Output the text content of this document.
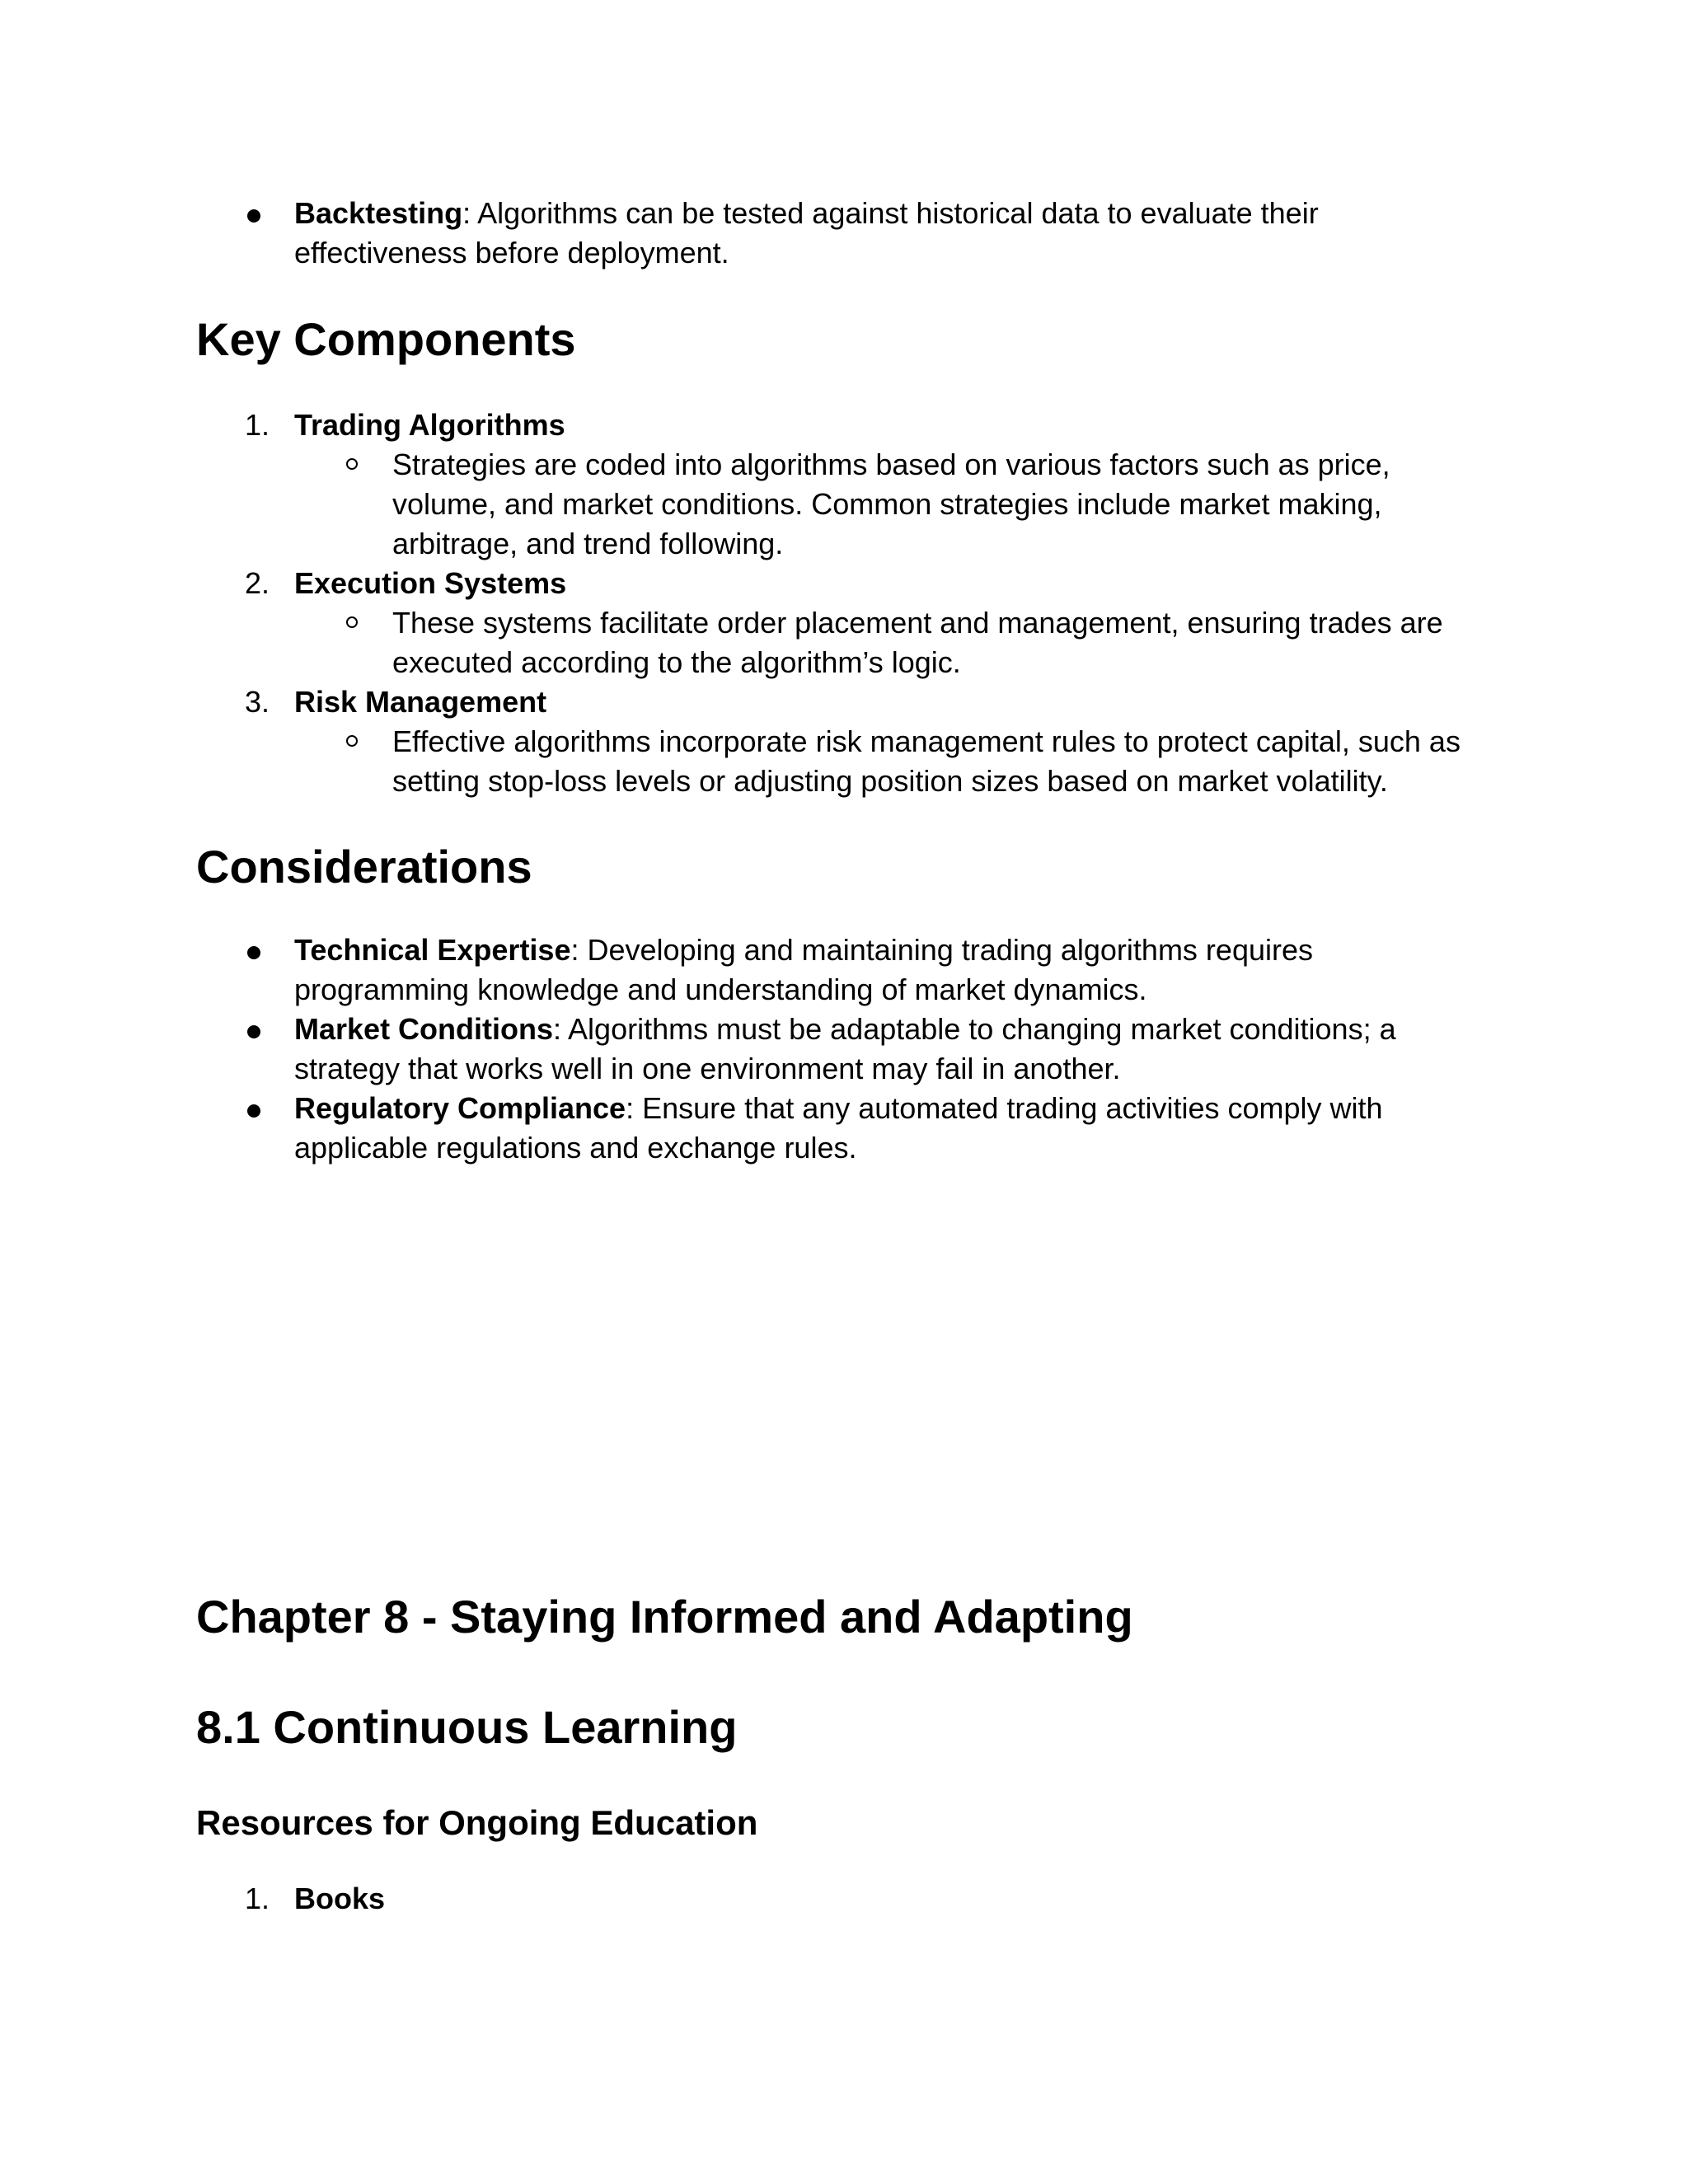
Backtesting: Algorithms can be tested against historical data to evaluate their
effectiveness before deployment.
Key Components
1. Trading Algorithms
Strategies are coded into algorithms based on various factors such as price,
volume, and market conditions. Common strategies include market making,
arbitrage, and trend following.
2. Execution Systems
These systems facilitate order placement and management, ensuring trades are
executed according to the algorithm’s logic.
3. Risk Management
Effective algorithms incorporate risk management rules to protect capital, such as
setting stop-loss levels or adjusting position sizes based on market volatility.
Considerations
Technical Expertise: Developing and maintaining trading algorithms requires
programming knowledge and understanding of market dynamics.
Market Conditions: Algorithms must be adaptable to changing market conditions; a
strategy that works well in one environment may fail in another.
Regulatory Compliance: Ensure that any automated trading activities comply with
applicable regulations and exchange rules.
Chapter 8 - Staying Informed and Adapting
8.1 Continuous Learning
Resources for Ongoing Education
1. Books
